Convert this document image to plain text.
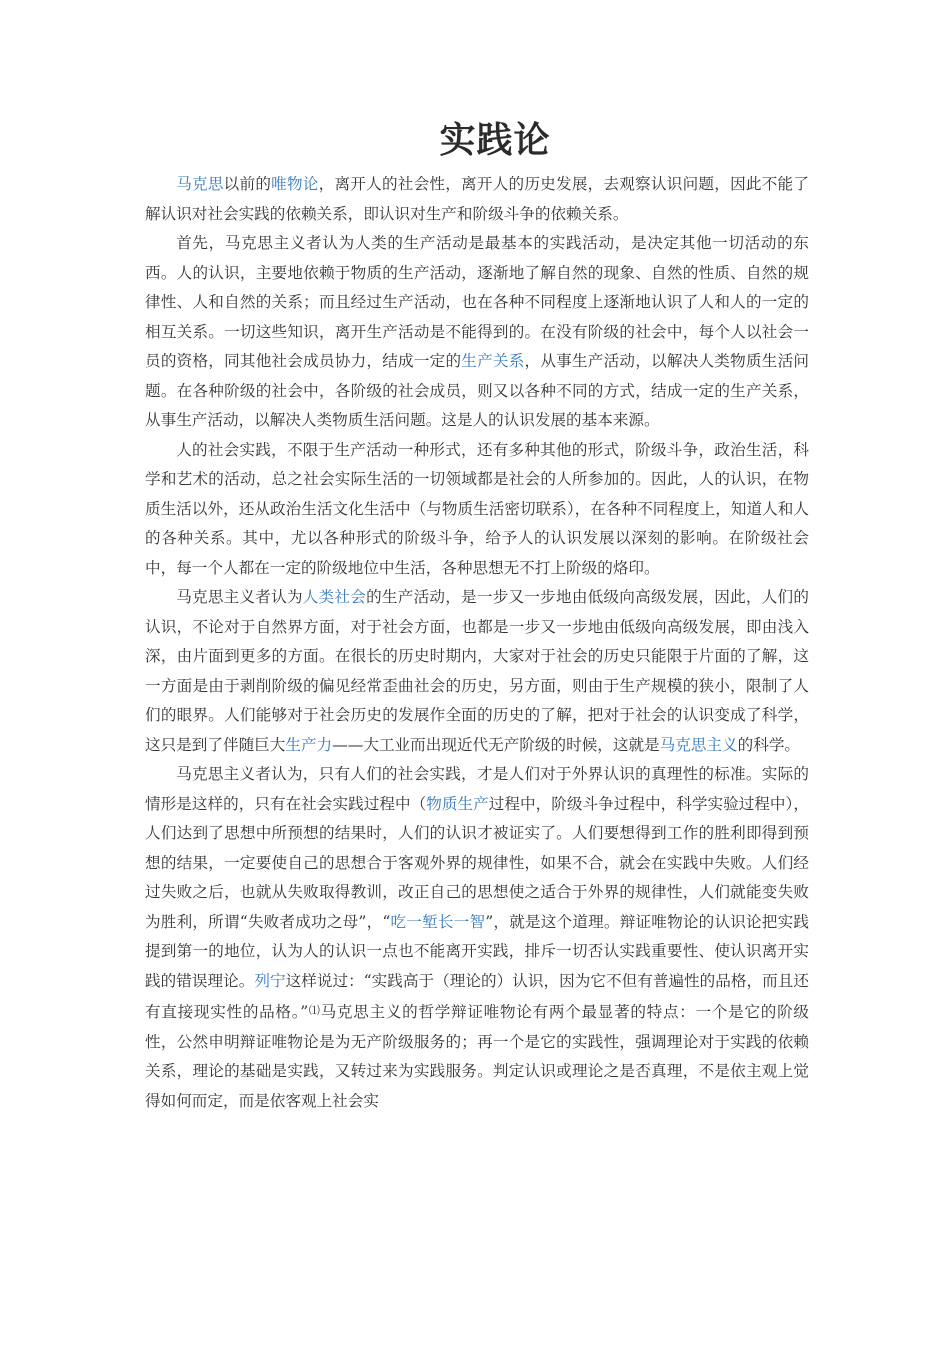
实践论

马克思以前的唯物论，离开人的社会性，离开人的历史发展，去观察认识问题，因此不能了解认识对社会实践的依赖关系，即认识对生产和阶级斗争的依赖关系。

首先，马克思主义者认为人类的生产活动是最基本的实践活动，是决定其他一切活动的东西。人的认识，主要地依赖于物质的生产活动，逐渐地了解自然的现象、自然的性质、自然的规律性、人和自然的关系；而且经过生产活动，也在各种不同程度上逐渐地认识了人和人的一定的相互关系。一切这些知识，离开生产活动是不能得到的。在没有阶级的社会中，每个人以社会一员的资格，同其他社会成员协力，结成一定的生产关系，从事生产活动，以解决人类物质生活问题。在各种阶级的社会中，各阶级的社会成员，则又以各种不同的方式，结成一定的生产关系，从事生产活动，以解决人类物质生活问题。这是人的认识发展的基本来源。

人的社会实践，不限于生产活动一种形式，还有多种其他的形式，阶级斗争，政治生活，科学和艺术的活动，总之社会实际生活的一切领域都是社会的人所参加的。因此，人的认识，在物质生活以外，还从政治生活文化生活中（与物质生活密切联系），在各种不同程度上，知道人和人的各种关系。其中，尤以各种形式的阶级斗争，给予人的认识发展以深刻的影响。在阶级社会中，每一个人都在一定的阶级地位中生活，各种思想无不打上阶级的烙印。

马克思主义者认为人类社会的生产活动，是一步又一步地由低级向高级发展，因此，人们的认识，不论对于自然界方面，对于社会方面，也都是一步又一步地由低级向高级发展，即由浅入深，由片面到更多的方面。在很长的历史时期内，大家对于社会的历史只能限于片面的了解，这一方面是由于剥削阶级的偏见经常歪曲社会的历史，另方面，则由于生产规模的狭小，限制了人们的眼界。人们能够对于社会历史的发展作全面的历史的了解，把对于社会的认识变成了科学，这只是到了伴随巨大生产力——大工业而出现近代无产阶级的时候，这就是马克思主义的科学。

马克思主义者认为，只有人们的社会实践，才是人们对于外界认识的真理性的标准。实际的情形是这样的，只有在社会实践过程中（物质生产过程中，阶级斗争过程中，科学实验过程中），人们达到了思想中所预想的结果时，人们的认识才被证实了。人们要想得到工作的胜利即得到预想的结果，一定要使自己的思想合于客观外界的规律性，如果不合，就会在实践中失败。人们经过失败之后，也就从失败取得教训，改正自己的思想使之适合于外界的规律性，人们就能变失败为胜利，所谓“失败者成功之母”，“吃一堑长一智”，就是这个道理。辩证唯物论的认识论把实践提到第一的地位，认为人的认识一点也不能离开实践，排斥一切否认实践重要性、使认识离开实践的错误理论。列宁这样说过：“实践高于（理论的）认识，因为它不但有普遍性的品格，而且还有直接现实性的品格。”⑴马克思主义的哲学辩证唯物论有两个最显著的特点：一个是它的阶级性，公然申明辩证唯物论是为无产阶级服务的；再一个是它的实践性，强调理论对于实践的依赖关系，理论的基础是实践，又转过来为实践服务。判定认识或理论之是否真理，不是依主观上觉得如何而定，而是依客观上社会实
